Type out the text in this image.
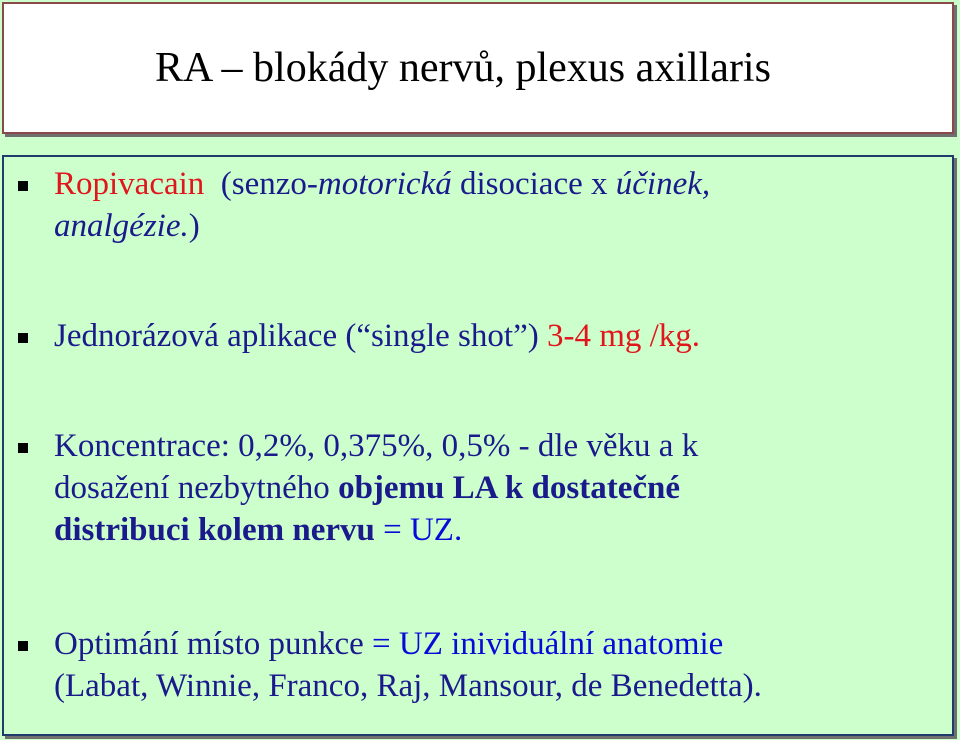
RA – blokády nervů, plexus axillaris
Ropivacain (senzo-motorická disociace x účinek,
analgézie.)
Jednorázová aplikace (“single shot”) 3-4 mg /kg.
Koncentrace: 0,2%, 0,375%, 0,5% - dle věku a k
dosažení nezbytného objemu LA k dostatečné
distribuci kolem nervu = UZ.
Optimání místo punkce = UZ inividuální anatomie
(Labat, Winnie, Franco, Raj, Mansour, de Benedetta).
